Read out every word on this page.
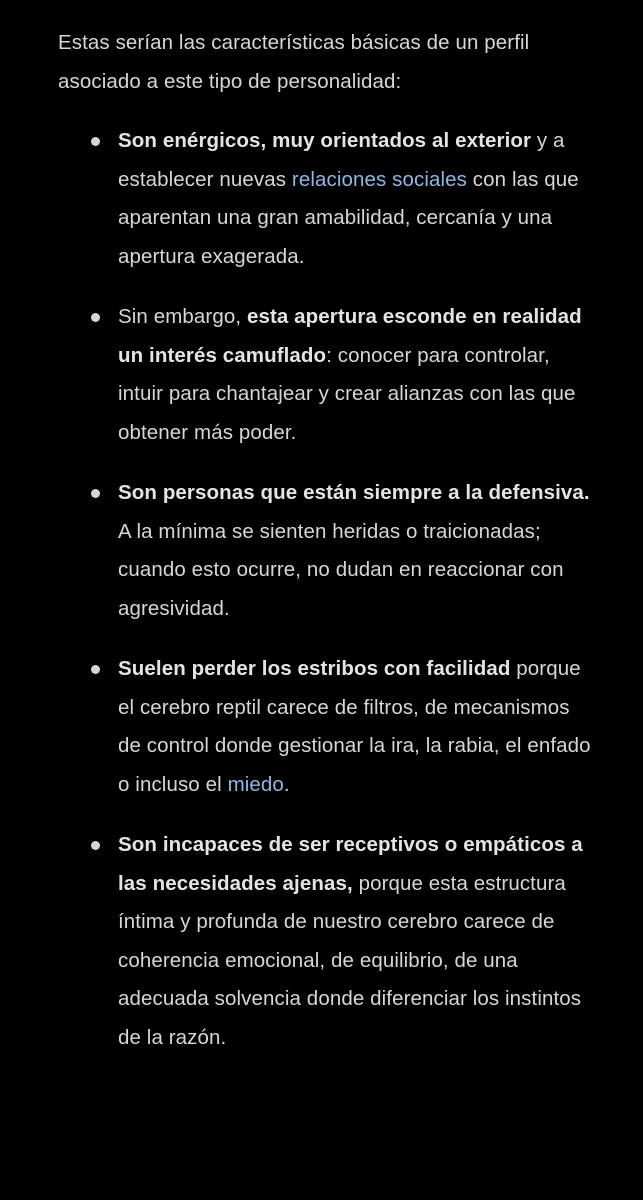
Estas serían las características básicas de un perfil asociado a este tipo de personalidad:

Son enérgicos, muy orientados al exterior y a establecer nuevas relaciones sociales con las que aparentan una gran amabilidad, cercanía y una apertura exagerada.
Sin embargo, esta apertura esconde en realidad un interés camuflado: conocer para controlar, intuir para chantajear y crear alianzas con las que obtener más poder.
Son personas que están siempre a la defensiva. A la mínima se sienten heridas o traicionadas; cuando esto ocurre, no dudan en reaccionar con agresividad.
Suelen perder los estribos con facilidad porque el cerebro reptil carece de filtros, de mecanismos de control donde gestionar la ira, la rabia, el enfado o incluso el miedo.
Son incapaces de ser receptivos o empáticos a las necesidades ajenas, porque esta estructura íntima y profunda de nuestro cerebro carece de coherencia emocional, de equilibrio, de una adecuada solvencia donde diferenciar los instintos de la razón.
